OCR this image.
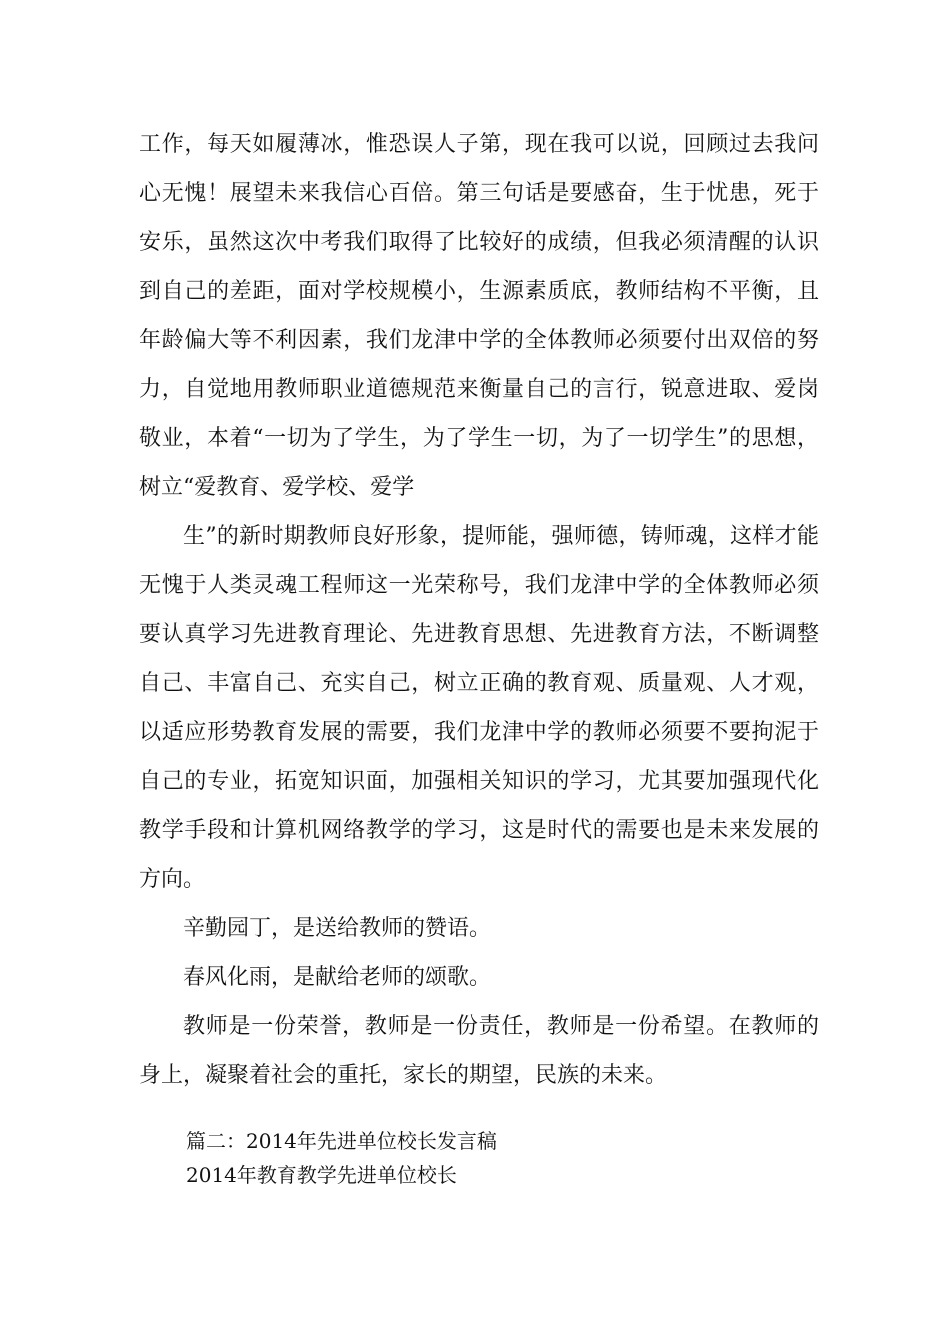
工作，每天如履薄冰，惟恐误人子第，现在我可以说，回顾过去我问心无愧！展望未来我信心百倍。第三句话是要感奋，生于忧患，死于安乐，虽然这次中考我们取得了比较好的成绩，但我必须清醒的认识到自己的差距，面对学校规模小，生源素质底，教师结构不平衡，且年龄偏大等不利因素，我们龙津中学的全体教师必须要付出双倍的努力，自觉地用教师职业道德规范来衡量自己的言行，锐意进取、爱岗敬业，本着“一切为了学生，为了学生一切，为了一切学生”的思想，树立“爱教育、爱学校、爱学

生”的新时期教师良好形象，提师能，强师德，铸师魂，这样才能无愧于人类灵魂工程师这一光荣称号，我们龙津中学的全体教师必须要认真学习先进教育理论、先进教育思想、先进教育方法，不断调整自己、丰富自己、充实自己，树立正确的教育观、质量观、人才观，以适应形势教育发展的需要，我们龙津中学的教师必须要不要拘泥于自己的专业，拓宽知识面，加强相关知识的学习，尤其要加强现代化教学手段和计算机网络教学的学习，这是时代的需要也是未来发展的方向。

辛勤园丁，是送给教师的赞语。

春风化雨，是献给老师的颂歌。

教师是一份荣誉，教师是一份责任，教师是一份希望。在教师的身上，凝聚着社会的重托，家长的期望，民族的未来。

篇二：2014年先进单位校长发言稿
2014年教育教学先进单位校长
